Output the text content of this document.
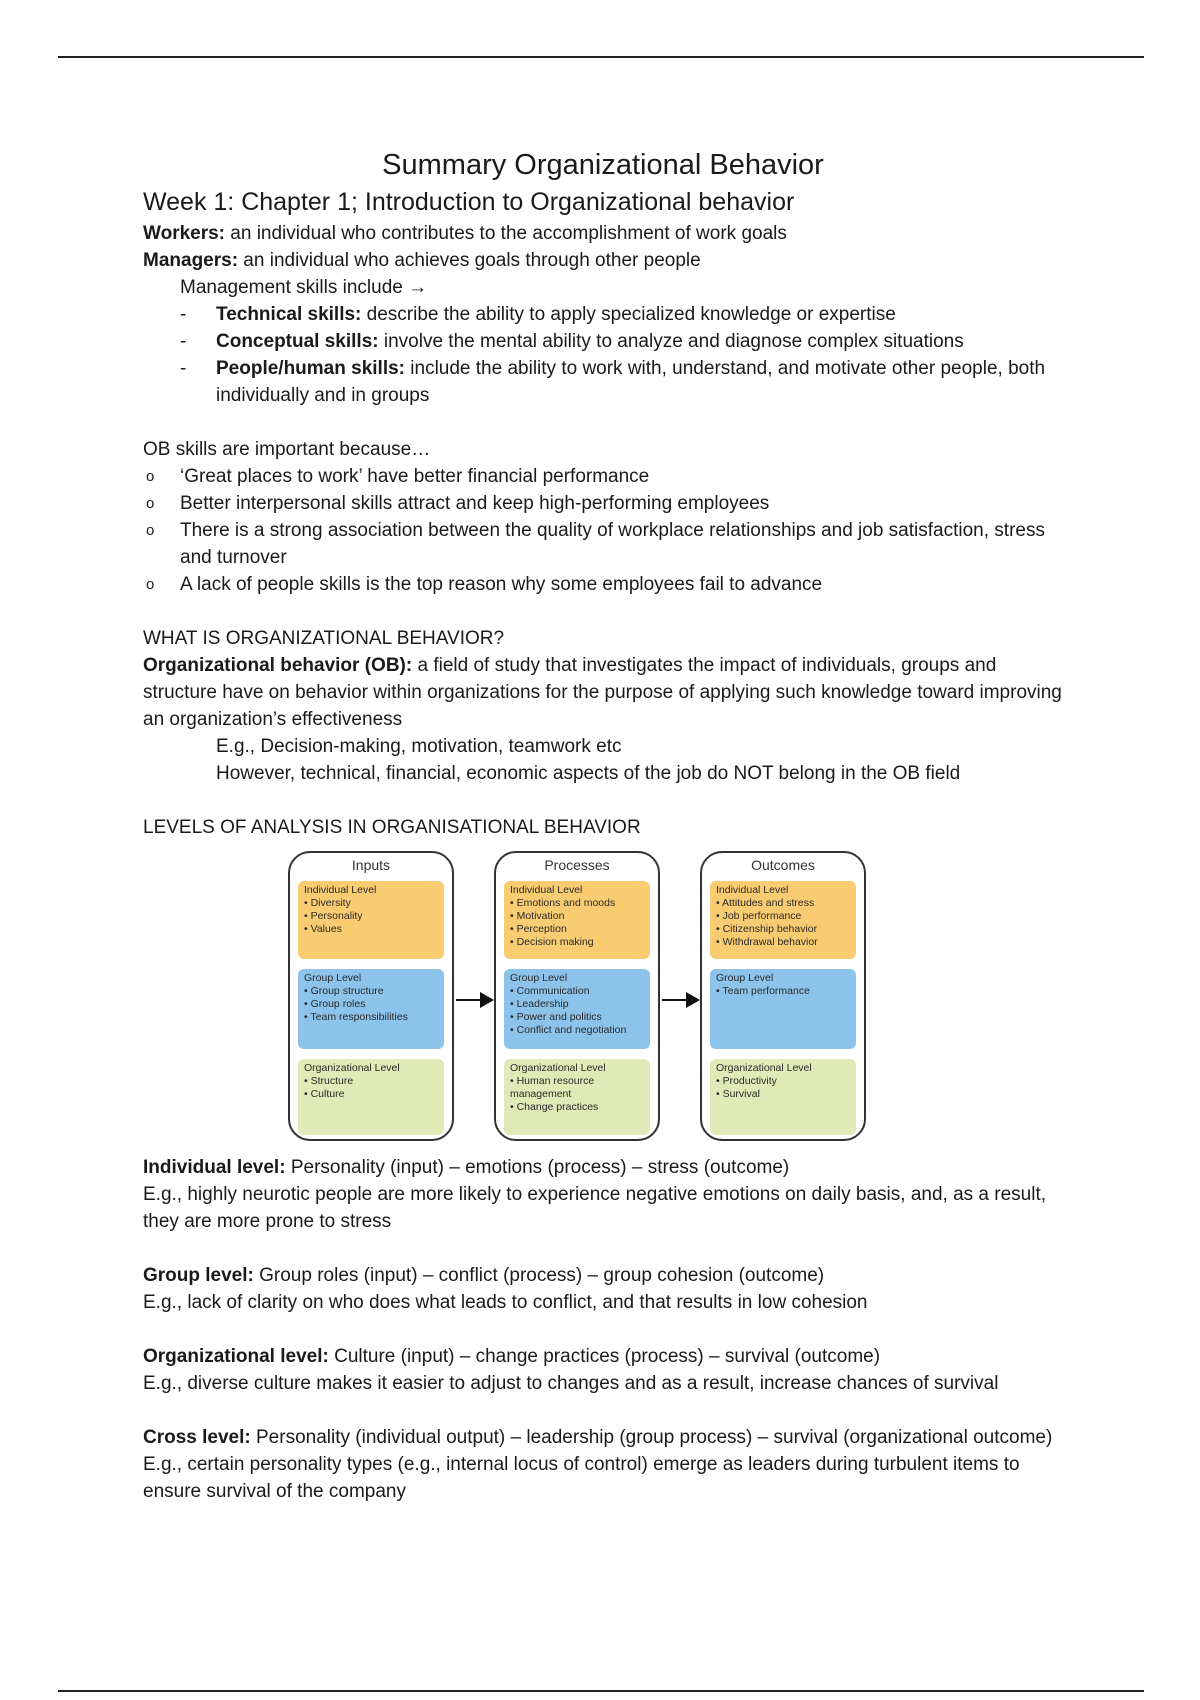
Summary Organizational Behavior
Week 1: Chapter 1; Introduction to Organizational behavior

Workers: an individual who contributes to the accomplishment of work goals

Managers: an individual who achieves goals through other people

Management skills include →

- Technical skills: describe the ability to apply specialized knowledge or expertise
- Conceptual skills: involve the mental ability to analyze and diagnose complex situations
- People/human skills: include the ability to work with, understand, and motivate other people, both individually and in groups

OB skills are important because…

o ‘Great places to work’ have better financial performance
o Better interpersonal skills attract and keep high-performing employees
o There is a strong association between the quality of workplace relationships and job satisfaction, stress and turnover
o A lack of people skills is the top reason why some employees fail to advance

WHAT IS ORGANIZATIONAL BEHAVIOR?

Organizational behavior (OB): a field of study that investigates the impact of individuals, groups and structure have on behavior within organizations for the purpose of applying such knowledge toward improving an organization’s effectiveness

E.g., Decision-making, motivation, teamwork etc

However, technical, financial, economic aspects of the job do NOT belong in the OB field

LEVELS OF ANALYSIS IN ORGANISATIONAL BEHAVIOR

Inputs
Individual Level
• Diversity
• Personality
• Values
Group Level
• Group structure
• Group roles
• Team responsibilities
Organizational Level
• Structure
• Culture
Processes
Individual Level
• Emotions and moods
• Motivation
• Perception
• Decision making
Group Level
• Communication
• Leadership
• Power and politics
• Conflict and negotiation
Organizational Level
• Human resource management
• Change practices
Outcomes
Individual Level
• Attitudes and stress
• Job performance
• Citizenship behavior
• Withdrawal behavior
Group Level
• Team performance
Organizational Level
• Productivity
• Survival

Individual level: Personality (input) – emotions (process) – stress (outcome)

E.g., highly neurotic people are more likely to experience negative emotions on daily basis, and, as a result, they are more prone to stress

Group level: Group roles (input) – conflict (process) – group cohesion (outcome)

E.g., lack of clarity on who does what leads to conflict, and that results in low cohesion

Organizational level: Culture (input) – change practices (process) – survival (outcome)

E.g., diverse culture makes it easier to adjust to changes and as a result, increase chances of survival

Cross level: Personality (individual output) – leadership (group process) – survival (organizational outcome)

E.g., certain personality types (e.g., internal locus of control) emerge as leaders during turbulent items to ensure survival of the company
